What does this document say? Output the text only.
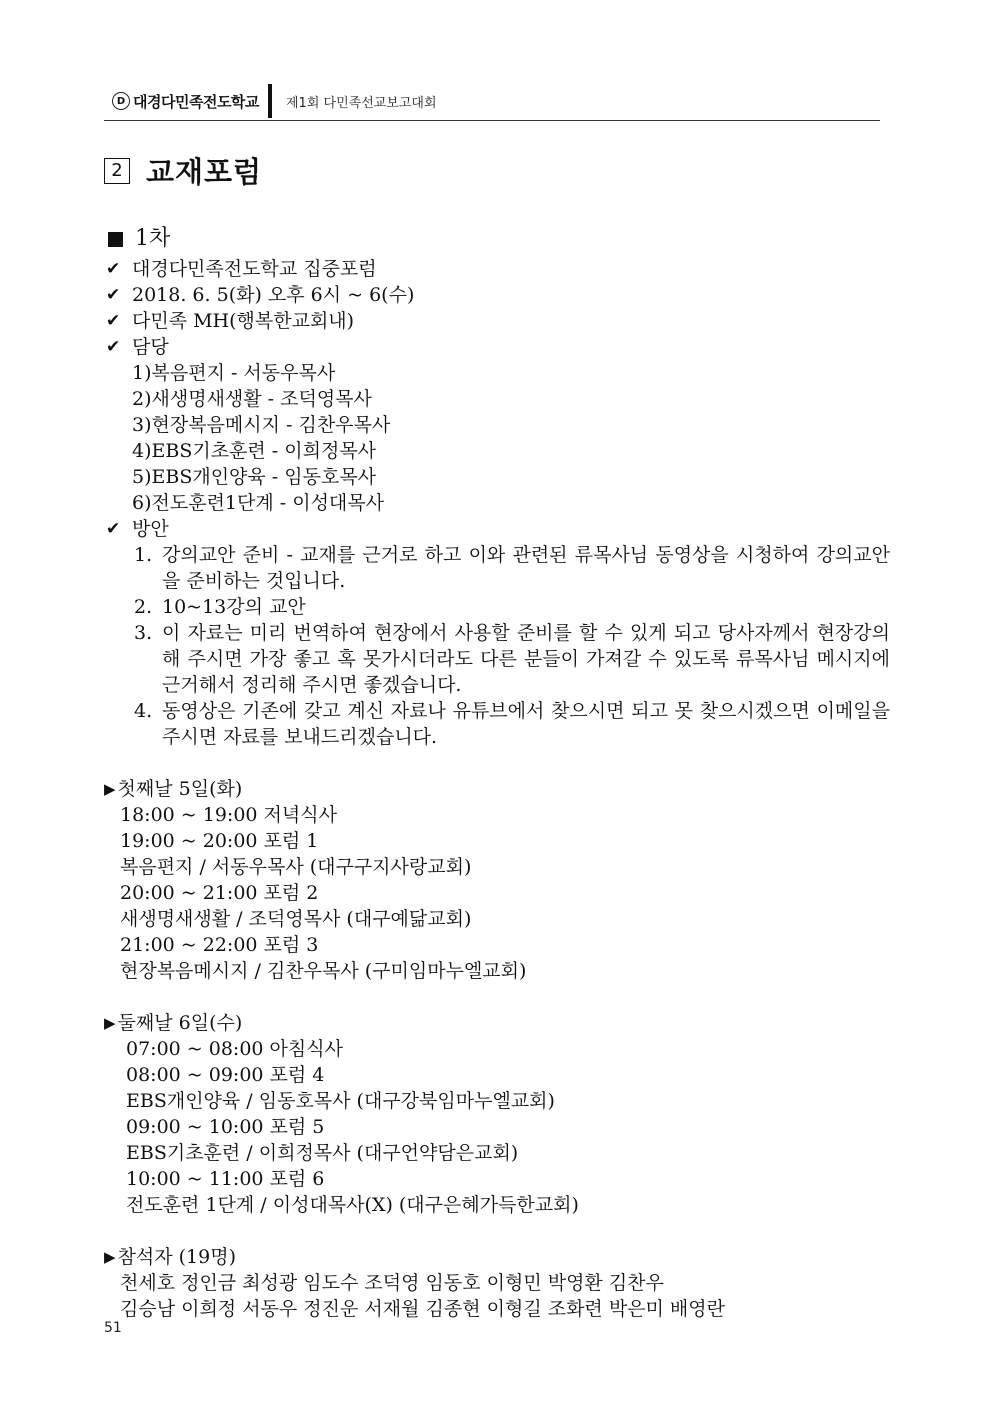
D 대경다민족전도학교 제1회 다민족선교보고대회
2 교재포럼
1차
✔ 대경다민족전도학교 집중포럼
✔ 2018. 6. 5(화) 오후 6시 ~ 6(수)
✔ 다민족 MH(행복한교회내)
✔ 담당
1)복음편지 - 서동우목사
2)새생명새생활 - 조덕영목사
3)현장복음메시지 - 김찬우목사
4)EBS기초훈련 - 이희정목사
5)EBS개인양육 - 임동호목사
6)전도훈련1단계 - 이성대목사
✔ 방안
1. 강의교안 준비 - 교재를 근거로 하고 이와 관련된 류목사님 동영상을 시청하여 강의교안을 준비하는 것입니다.
2. 10~13강의 교안
3. 이 자료는 미리 번역하여 현장에서 사용할 준비를 할 수 있게 되고 당사자께서 현장강의해 주시면 가장 좋고 혹 못가시더라도 다른 분들이 가져갈 수 있도록 류목사님 메시지에 근거해서 정리해 주시면 좋겠습니다.
4. 동영상은 기존에 갖고 계신 자료나 유튜브에서 찾으시면 되고 못 찾으시겠으면 이메일을 주시면 자료를 보내드리겠습니다.
▶ 첫째날 5일(화)
18:00 ~ 19:00 저녁식사
19:00 ~ 20:00 포럼 1
복음편지 / 서동우목사 (대구구지사랑교회)
20:00 ~ 21:00 포럼 2
새생명새생활 / 조덕영목사 (대구예닮교회)
21:00 ~ 22:00 포럼 3
현장복음메시지 / 김찬우목사 (구미임마누엘교회)
▶ 둘째날 6일(수)
07:00 ~ 08:00 아침식사
08:00 ~ 09:00 포럼 4
EBS개인양육 / 임동호목사 (대구강북임마누엘교회)
09:00 ~ 10:00 포럼 5
EBS기초훈련 / 이희정목사 (대구언약담은교회)
10:00 ~ 11:00 포럼 6
전도훈련 1단계 / 이성대목사(X) (대구은혜가득한교회)
▶ 참석자 (19명)
천세호 정인금 최성광 임도수 조덕영 임동호 이형민 박영환 김찬우
김승남 이희정 서동우 정진운 서재월 김종현 이형길 조화련 박은미 배영란
51
